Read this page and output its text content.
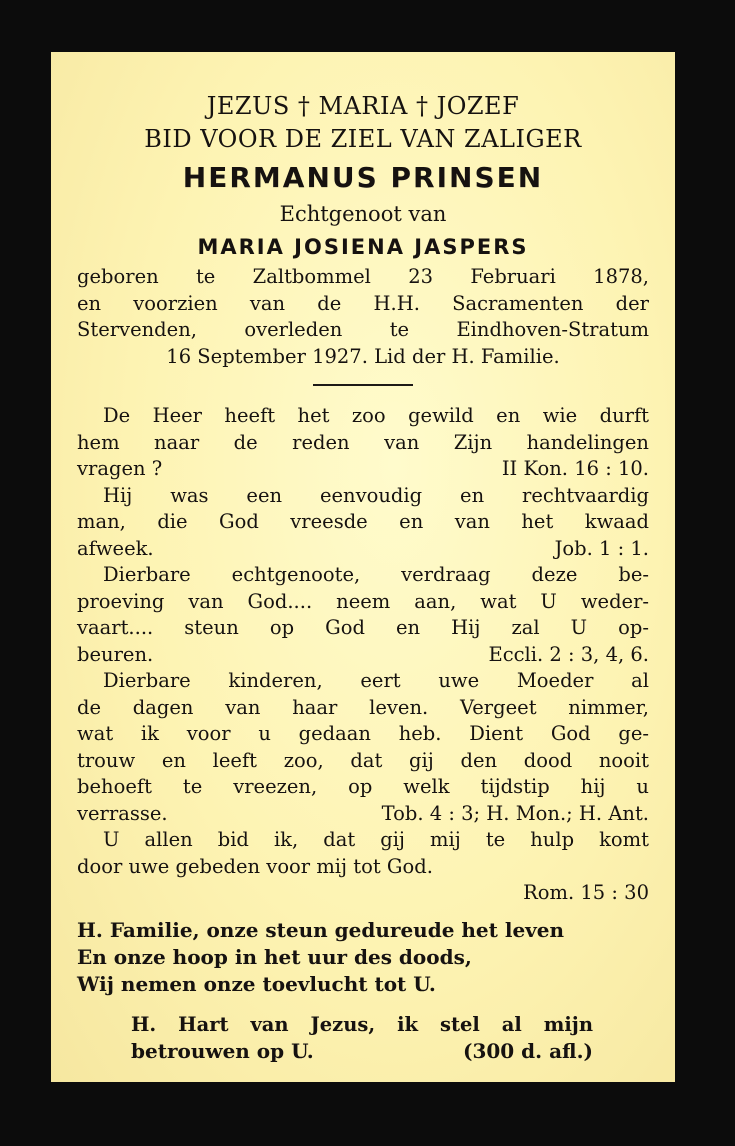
JEZUS † MARIA † JOZEF
BID VOOR DE ZIEL VAN ZALIGER
HERMANUS PRINSEN
Echtgenoot van
MARIA JOSIENA JASPERS
geboren te Zaltbommel 23 Februari 1878,
en voorzien van de H.H. Sacramenten der
Stervenden, overleden te Eindhoven-Stratum
16 September 1927. Lid der H. Familie.
De Heer heeft het zoo gewild en wie durft
hem naar de reden van Zijn handelingen
vragen ?	II Kon. 16 : 10.
Hij was een eenvoudig en rechtvaardig
man, die God vreesde en van het kwaad
afweek.	Job. 1 : 1.
Dierbare echtgenoote, verdraag deze be-
proeving van God.... neem aan, wat U weder-
vaart.... steun op God en Hij zal U op-
beuren.	Eccli. 2 : 3, 4, 6.
Dierbare kinderen, eert uwe Moeder al
de dagen van haar leven. Vergeet nimmer,
wat ik voor u gedaan heb. Dient God ge-
trouw en leeft zoo, dat gij den dood nooit
behoeft te vreezen, op welk tijdstip hij u
verrasse.	Tob. 4 : 3; H. Mon.; H. Ant.
U allen bid ik, dat gij mij te hulp komt
door uwe gebeden voor mij tot God.
Rom. 15 : 30
H. Familie, onze steun gedureude het leven
En onze hoop in het uur des doods,
Wij nemen onze toevlucht tot U.
H. Hart van Jezus, ik stel al mijn
betrouwen op U.	(300 d. afl.)
